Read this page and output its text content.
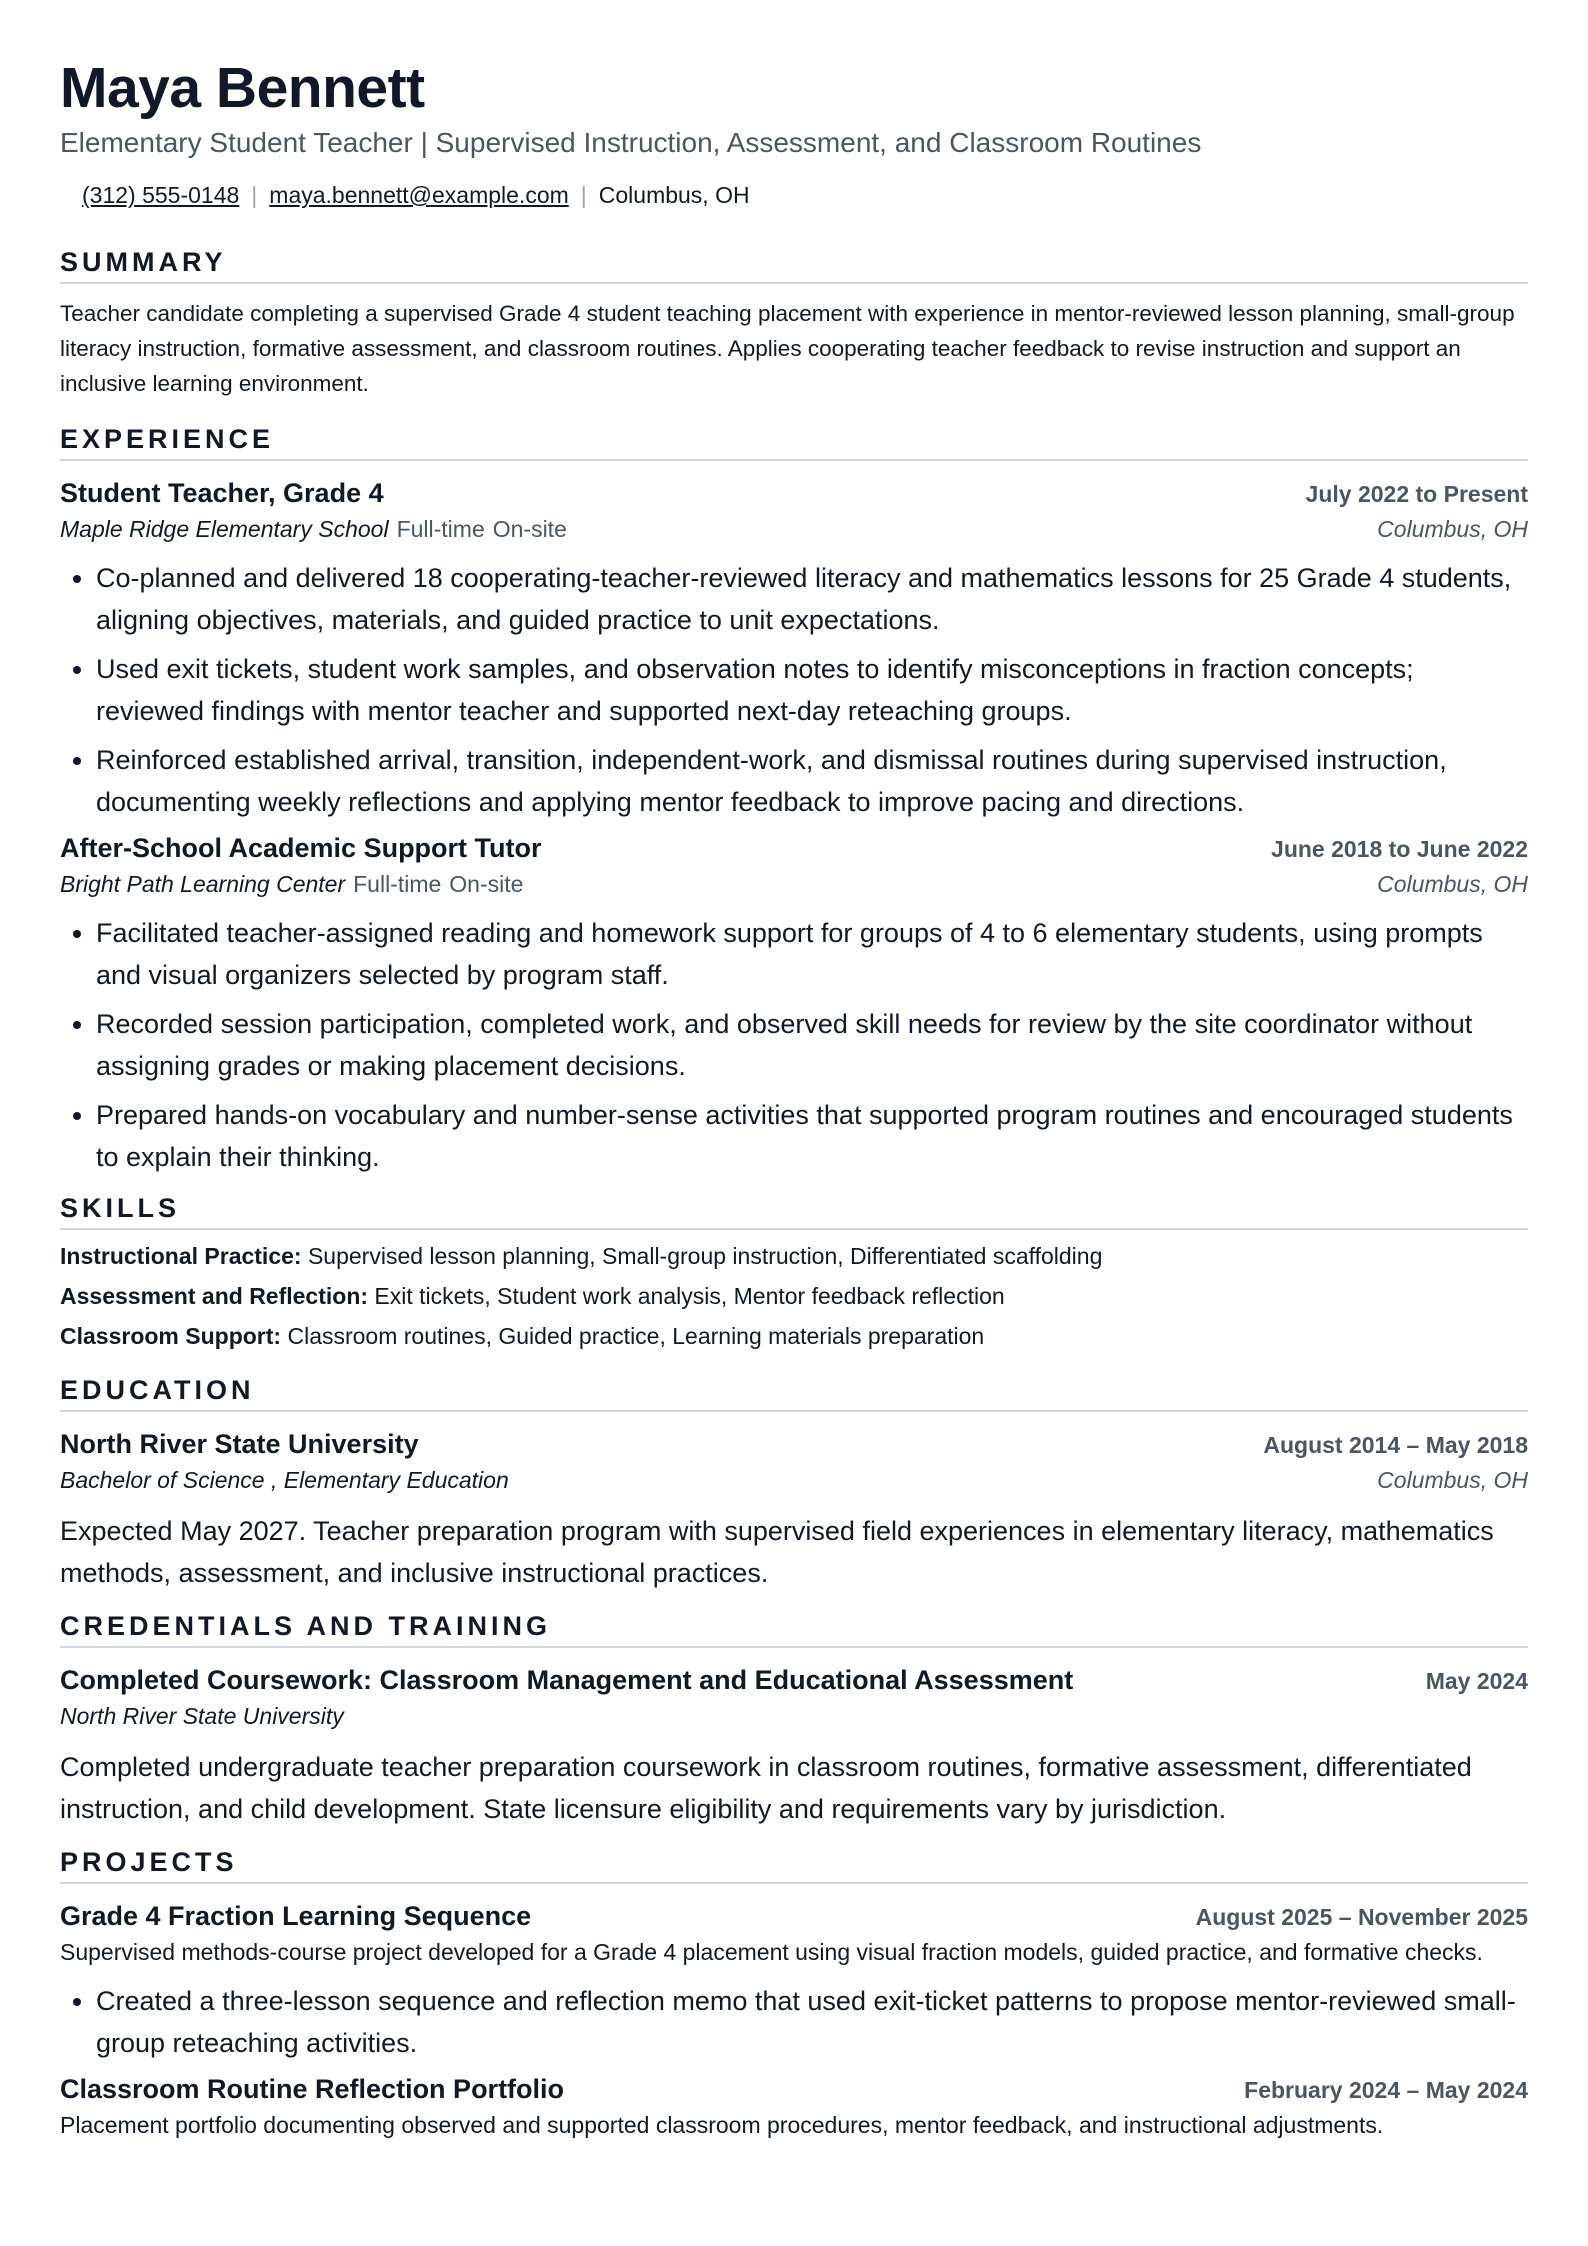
Maya Bennett
Elementary Student Teacher | Supervised Instruction, Assessment, and Classroom Routines
(312) 555-0148 | maya.bennett@example.com | Columbus, OH
SUMMARY
Teacher candidate completing a supervised Grade 4 student teaching placement with experience in mentor-reviewed lesson planning, small-group literacy instruction, formative assessment, and classroom routines. Applies cooperating teacher feedback to revise instruction and support an inclusive learning environment.
EXPERIENCE
Student Teacher, Grade 4	July 2022 to Present
Maple Ridge Elementary School Full-time On-site	Columbus, OH
• Co-planned and delivered 18 cooperating-teacher-reviewed literacy and mathematics lessons for 25 Grade 4 students, aligning objectives, materials, and guided practice to unit expectations.
• Used exit tickets, student work samples, and observation notes to identify misconceptions in fraction concepts; reviewed findings with mentor teacher and supported next-day reteaching groups.
• Reinforced established arrival, transition, independent-work, and dismissal routines during supervised instruction, documenting weekly reflections and applying mentor feedback to improve pacing and directions.
After-School Academic Support Tutor	June 2018 to June 2022
Bright Path Learning Center Full-time On-site	Columbus, OH
• Facilitated teacher-assigned reading and homework support for groups of 4 to 6 elementary students, using prompts and visual organizers selected by program staff.
• Recorded session participation, completed work, and observed skill needs for review by the site coordinator without assigning grades or making placement decisions.
• Prepared hands-on vocabulary and number-sense activities that supported program routines and encouraged students to explain their thinking.
SKILLS
Instructional Practice: Supervised lesson planning, Small-group instruction, Differentiated scaffolding
Assessment and Reflection: Exit tickets, Student work analysis, Mentor feedback reflection
Classroom Support: Classroom routines, Guided practice, Learning materials preparation
EDUCATION
North River State University	August 2014 – May 2018
Bachelor of Science , Elementary Education	Columbus, OH
Expected May 2027. Teacher preparation program with supervised field experiences in elementary literacy, mathematics methods, assessment, and inclusive instructional practices.
CREDENTIALS AND TRAINING
Completed Coursework: Classroom Management and Educational Assessment	May 2024
North River State University
Completed undergraduate teacher preparation coursework in classroom routines, formative assessment, differentiated instruction, and child development. State licensure eligibility and requirements vary by jurisdiction.
PROJECTS
Grade 4 Fraction Learning Sequence	August 2025 – November 2025
Supervised methods-course project developed for a Grade 4 placement using visual fraction models, guided practice, and formative checks.
• Created a three-lesson sequence and reflection memo that used exit-ticket patterns to propose mentor-reviewed small-group reteaching activities.
Classroom Routine Reflection Portfolio	February 2024 – May 2024
Placement portfolio documenting observed and supported classroom procedures, mentor feedback, and instructional adjustments.
